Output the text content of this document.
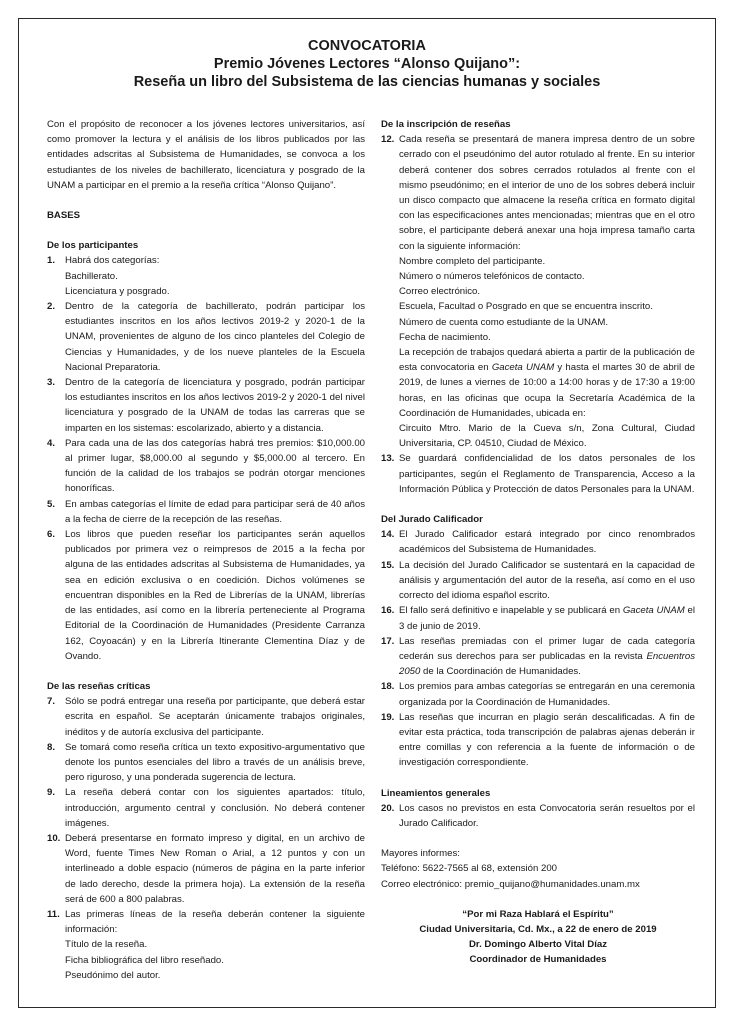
CONVOCATORIA
Premio Jóvenes Lectores “Alonso Quijano”:
Reseña un libro del Subsistema de las ciencias humanas y sociales

Con el propósito de reconocer a los jóvenes lectores universitarios, así como promover la lectura y el análisis de los libros publicados por las entidades adscritas al Subsistema de Humanidades, se convoca a los estudiantes de los niveles de bachillerato, licenciatura y posgrado de la UNAM a participar en el premio a la reseña crítica “Alonso Quijano”.

BASES

De los participantes

1. Habrá dos categorías:
Bachillerato.
Licenciatura y posgrado.
2. Dentro de la categoría de bachillerato, podrán participar los estudiantes inscritos en los años lectivos 2019-2 y 2020-1 de la UNAM, provenientes de alguno de los cinco planteles del Colegio de Ciencias y Humanidades, y de los nueve planteles de la Escuela Nacional Preparatoria.
3. Dentro de la categoría de licenciatura y posgrado, podrán participar los estudiantes inscritos en los años lectivos 2019-2 y 2020-1 del nivel licenciatura y posgrado de la UNAM de todas las carreras que se imparten en los sistemas: escolarizado, abierto y a distancia.
4. Para cada una de las dos categorías habrá tres premios: $10,000.00 al primer lugar, $8,000.00 al segundo y $5,000.00 al tercero. En función de la calidad de los trabajos se podrán otorgar menciones honoríficas.
5. En ambas categorías el límite de edad para participar será de 40 años a la fecha de cierre de la recepción de las reseñas.
6. Los libros que pueden reseñar los participantes serán aquellos publicados por primera vez o reimpresos de 2015 a la fecha por alguna de las entidades adscritas al Subsistema de Humanidades, ya sea en edición exclusiva o en coedición. Dichos volúmenes se encuentran disponibles en la Red de Librerías de la UNAM, librerías de las entidades, así como en la librería perteneciente al Programa Editorial de la Coordinación de Humanidades (Presidente Carranza 162, Coyoacán) y en la Librería Itinerante Clementina Díaz y de Ovando.

De las reseñas críticas

7. Sólo se podrá entregar una reseña por participante, que deberá estar escrita en español. Se aceptarán únicamente trabajos originales, inéditos y de autoría exclusiva del participante.
8. Se tomará como reseña crítica un texto expositivo-argumentativo que denote los puntos esenciales del libro a través de un análisis breve, pero riguroso, y una ponderada sugerencia de lectura.
9. La reseña deberá contar con los siguientes apartados: título, introducción, argumento central y conclusión. No deberá contener imágenes.
10. Deberá presentarse en formato impreso y digital, en un archivo de Word, fuente Times New Roman o Arial, a 12 puntos y con un interlineado a doble espacio (números de página en la parte inferior de lado derecho, desde la primera hoja). La extensión de la reseña será de 600 a 800 palabras.
11. Las primeras líneas de la reseña deberán contener la siguiente información:
Título de la reseña.
Ficha bibliográfica del libro reseñado.
Pseudónimo del autor.

De la inscripción de reseñas

12. Cada reseña se presentará de manera impresa dentro de un sobre cerrado con el pseudónimo del autor rotulado al frente. En su interior deberá contener dos sobres cerrados rotulados al frente con el mismo pseudónimo; en el interior de uno de los sobres deberá incluir un disco compacto que almacene la reseña crítica en formato digital con las especificaciones antes mencionadas; mientras que en el otro sobre, el participante deberá anexar una hoja impresa tamaño carta con la siguiente información:
Nombre completo del participante.
Número o números telefónicos de contacto.
Correo electrónico.
Escuela, Facultad o Posgrado en que se encuentra inscrito.
Número de cuenta como estudiante de la UNAM.
Fecha de nacimiento.
La recepción de trabajos quedará abierta a partir de la publicación de esta convocatoria en Gaceta UNAM y hasta el martes 30 de abril de 2019, de lunes a viernes de 10:00 a 14:00 horas y de 17:30 a 19:00 horas, en las oficinas que ocupa la Secretaría Académica de la Coordinación de Humanidades, ubicada en:
Circuito Mtro. Mario de la Cueva s/n, Zona Cultural, Ciudad Universitaria, CP. 04510, Ciudad de México.
13. Se guardará confidencialidad de los datos personales de los participantes, según el Reglamento de Transparencia, Acceso a la Información Pública y Protección de datos Personales para la UNAM.

Del Jurado Calificador

14. El Jurado Calificador estará integrado por cinco renombrados académicos del Subsistema de Humanidades.
15. La decisión del Jurado Calificador se sustentará en la capacidad de análisis y argumentación del autor de la reseña, así como en el uso correcto del idioma español escrito.
16. El fallo será definitivo e inapelable y se publicará en Gaceta UNAM el 3 de junio de 2019.
17. Las reseñas premiadas con el primer lugar de cada categoría cederán sus derechos para ser publicadas en la revista Encuentros 2050 de la Coordinación de Humanidades.
18. Los premios para ambas categorías se entregarán en una ceremonia organizada por la Coordinación de Humanidades.
19. Las reseñas que incurran en plagio serán descalificadas. A fin de evitar esta práctica, toda transcripción de palabras ajenas deberán ir entre comillas y con referencia a la fuente de información o de investigación correspondiente.

Lineamientos generales

20. Los casos no previstos en esta Convocatoria serán resueltos por el Jurado Calificador.

Mayores informes:

Teléfono: 5622-7565 al 68, extensión 200

Correo electrónico: premio_quijano@humanidades.unam.mx

“Por mi Raza Hablará el Espíritu”
Ciudad Universitaria, Cd. Mx., a 22 de enero de 2019
Dr. Domingo Alberto Vital Díaz
Coordinador de Humanidades
